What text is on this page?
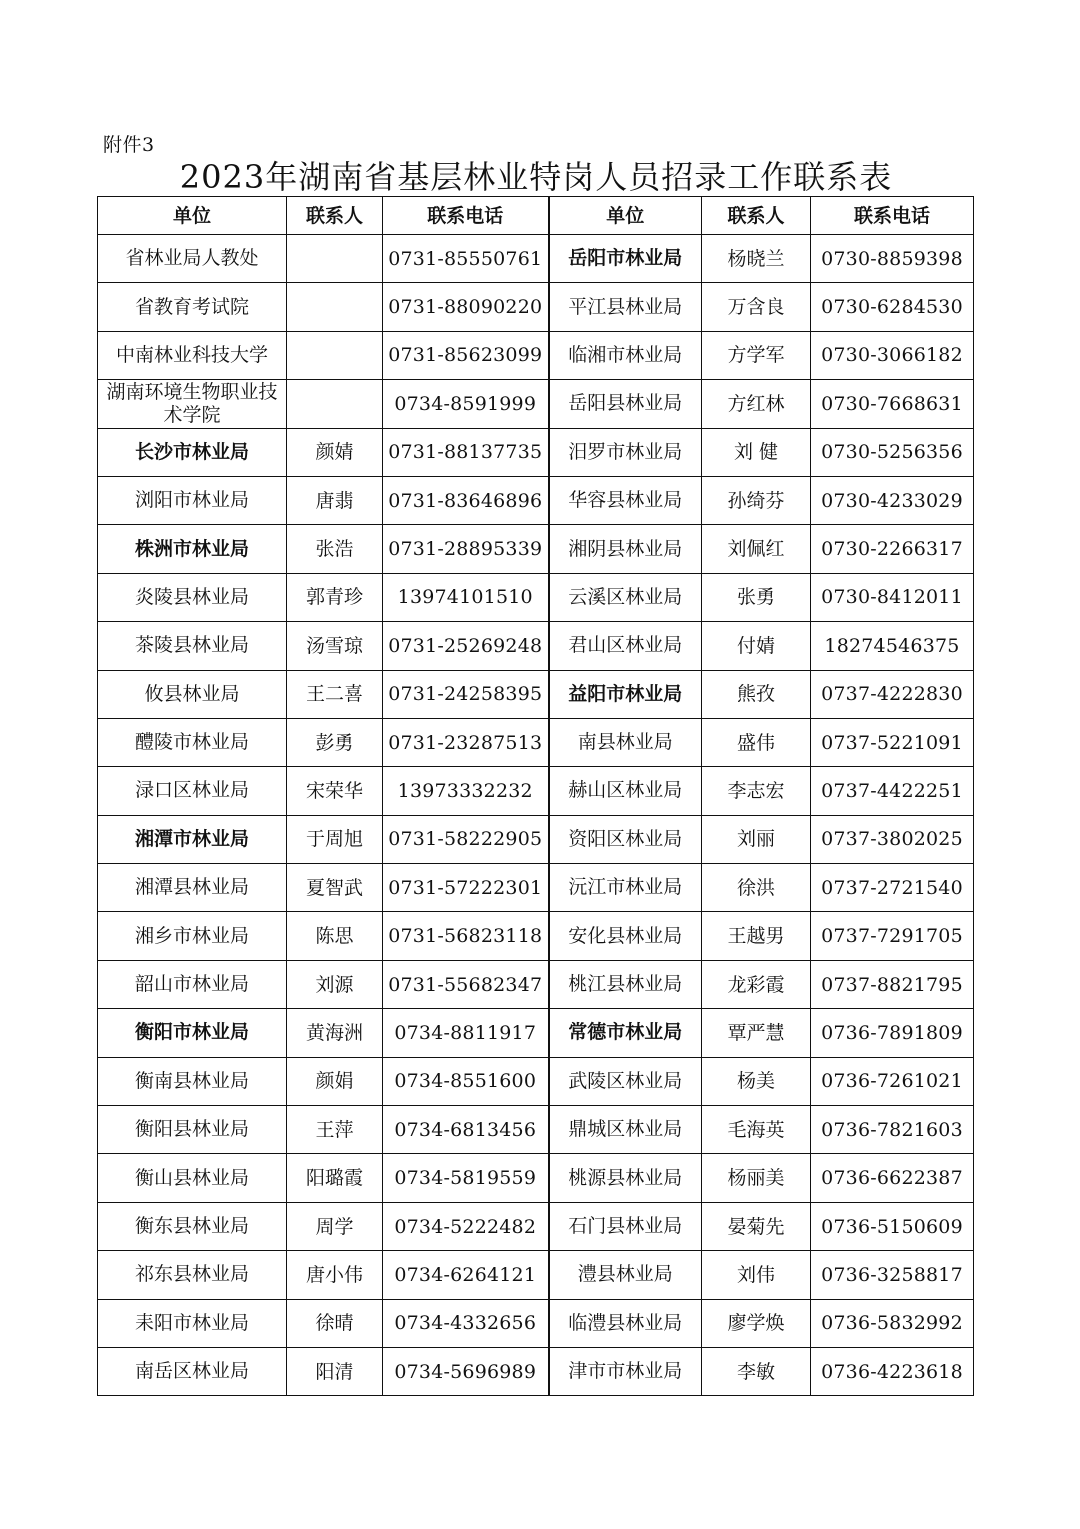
附件3
2023年湖南省基层林业特岗人员招录工作联系表
单位	联系人	联系电话	单位	联系人	联系电话
省林业局人教处		0731-85550761	岳阳市林业局	杨晓兰	0730-8859398
省教育考试院		0731-88090220	平江县林业局	万含良	0730-6284530
中南林业科技大学		0731-85623099	临湘市林业局	方学军	0730-3066182
湖南环境生物职业技术学院		0734-8591999	岳阳县林业局	方红林	0730-7668631
长沙市林业局	颜婧	0731-88137735	汨罗市林业局	刘 健	0730-5256356
浏阳市林业局	唐翡	0731-83646896	华容县林业局	孙绮芬	0730-4233029
株洲市林业局	张浩	0731-28895339	湘阴县林业局	刘佩红	0730-2266317
炎陵县林业局	郭青珍	13974101510	云溪区林业局	张勇	0730-8412011
茶陵县林业局	汤雪琼	0731-25269248	君山区林业局	付婧	18274546375
攸县林业局	王二喜	0731-24258395	益阳市林业局	熊孜	0737-4222830
醴陵市林业局	彭勇	0731-23287513	南县林业局	盛伟	0737-5221091
渌口区林业局	宋荣华	13973332232	赫山区林业局	李志宏	0737-4422251
湘潭市林业局	于周旭	0731-58222905	资阳区林业局	刘丽	0737-3802025
湘潭县林业局	夏智武	0731-57222301	沅江市林业局	徐洪	0737-2721540
湘乡市林业局	陈思	0731-56823118	安化县林业局	王越男	0737-7291705
韶山市林业局	刘源	0731-55682347	桃江县林业局	龙彩霞	0737-8821795
衡阳市林业局	黄海洲	0734-8811917	常德市林业局	覃严慧	0736-7891809
衡南县林业局	颜娟	0734-8551600	武陵区林业局	杨美	0736-7261021
衡阳县林业局	王萍	0734-6813456	鼎城区林业局	毛海英	0736-7821603
衡山县林业局	阳璐霞	0734-5819559	桃源县林业局	杨丽美	0736-6622387
衡东县林业局	周学	0734-5222482	石门县林业局	晏菊先	0736-5150609
祁东县林业局	唐小伟	0734-6264121	澧县林业局	刘伟	0736-3258817
耒阳市林业局	徐晴	0734-4332656	临澧县林业局	廖学焕	0736-5832992
南岳区林业局	阳清	0734-5696989	津市市林业局	李敏	0736-4223618
